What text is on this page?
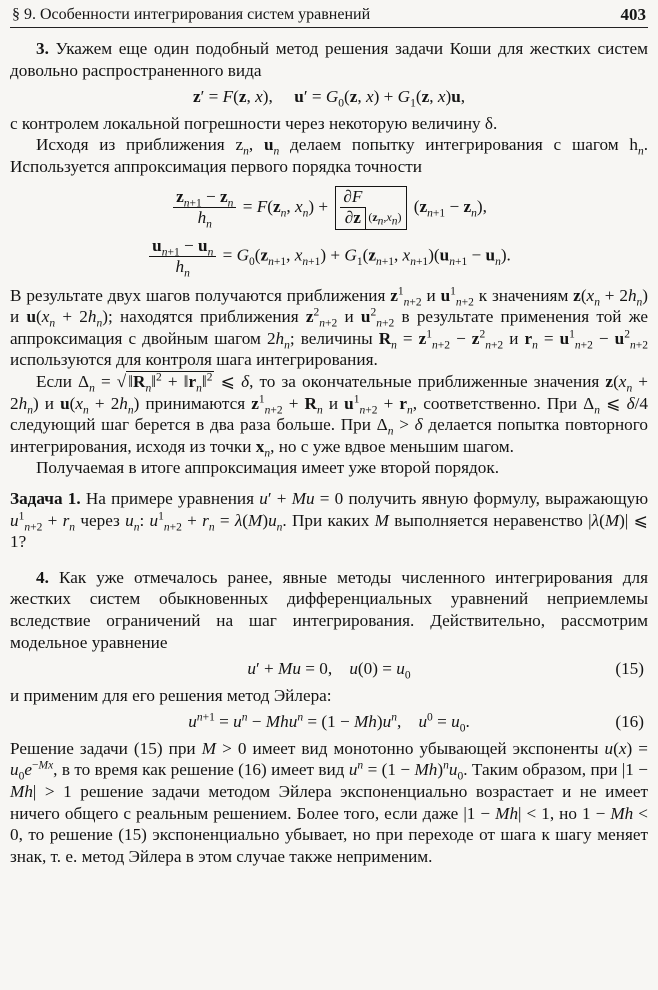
§ 9. Особенности интегрирования систем уравнений	403

3. Укажем еще один подобный метод решения задачи Коши для жестких систем довольно распространенного вида

z′ = F(z, x),     $u' = G_0(z$, $x) + G_1(z$, x)u,

с контролем локальной погрешности через некоторую величину δ.

Исходя из приближения $z_n$, $u_n$ делаем попытку интегрирования с шагом $h_n$. Используется аппроксимация первого порядка точности

$\frac{z_{n+1} - z_n}{h_n} = F(z_n$, $x_n) + \frac{\partial F}{\partial z} (z_n,x_n)$ $(z_{n+1} - z_n)$,
$\frac{u_{n+1} - u_n}{h_n} = G_0(z_{n+1}$, $x_{n+1}) + G_1(z_{n+1}$, $x_{n+1})(u_{n+1} - u_n)$.

В результате двух шагов получаются приближения $z^1_{n+2}$ и $u^1_{n+2}$ к значениям $z(x_n + 2h_n)$ и $u(x_n + 2h_n)$; находятся приближения $z^2_{n+2}$ и $u^2_{n+2}$ в результате применения той же аппроксимация с двойным шагом $2h_n$; величины $R_n = z^1_{n+2} - z^2_{n+2}$ и $r_n = u^1_{n+2} - u^2_{n+2}$ используются для контроля шага интегрирования.

Если $\Delta_n$ = √ $‖R_n‖^2$ + $‖r_n‖^2$ ⩽ δ, то за окончательные приближенные значения $z(x_n + 2h_n)$ и $u(x_n + 2h_n)$ принимаются $z^1_{n+2} + R_n$ и $u^1_{n+2} + r_n$, соответственно. При $\Delta_n$ ⩽ δ/4 следующий шаг берется в два раза больше. При $\Delta_n > \delta$ делается попытка повторного интегрирования, исходя из точки $x_n$, но с уже вдвое меньшим шагом.

Получаемая в итоге аппроксимация имеет уже второй порядок.

Задача 1. На примере уравнения u′ + Mu = 0 получить явную формулу, выражающую $u^1_{n+2} + r_n$ через $u_n$: $u^1_{n+2} + r_n = \lambda(M)u_n$. При каких M выполняется неравенство |λ(M)| ⩽ 1?

4. Как уже отмечалось ранее, явные методы численного интегрирования для жестких систем обыкновенных дифференциальных уравнений неприемлемы вследствие ограничений на шаг интегрирования. Действительно, рассмотрим модельное уравнение

u′ + Mu = 0,    $u(0) = u_0$	(15)

и применим для его решения метод Эйлера:

$u^{n+1} = u^n - Mhu^n = (1 - Mh)u^n$,    $u^0 = u_0$.	(16)

Решение задачи (15) при M > 0 имеет вид монотонно убывающей экспоненты $u(x) = u_0e^{-Mx}$, в то время как решение (16) имеет вид $u^n = (1 - Mh)^nu_0$. Таким образом, при |1 − Mh| > 1 решение задачи методом Эйлера экспоненциально возрастает и не имеет ничего общего с реальным решением. Более того, если даже |1 − Mh| < 1, но 1 − Mh < 0, то решение (15) экспоненциально убывает, но при переходе от шага к шагу меняет знак, т. е. метод Эйлера в этом случае также неприменим.
